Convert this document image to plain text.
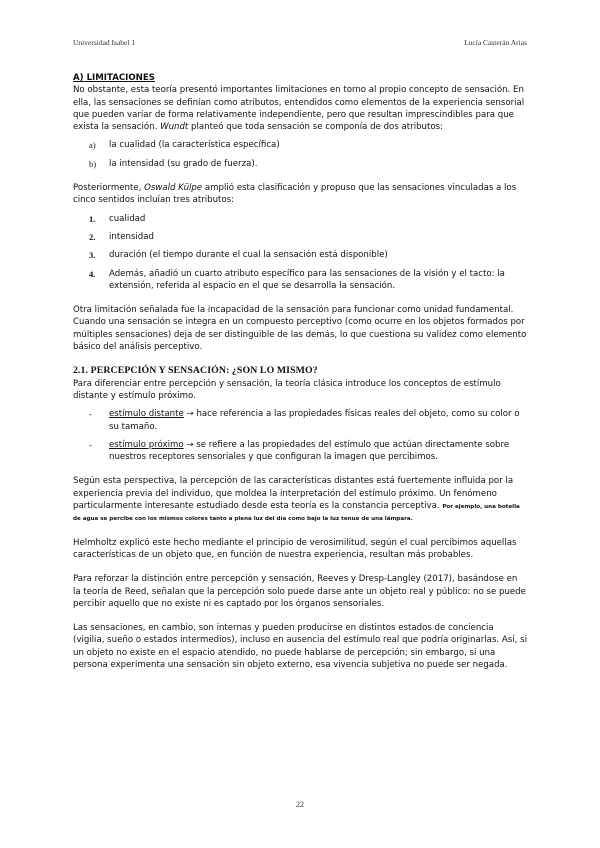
Universidad Isabel 1	Lucía Casterán Arias

A) LIMITACIONES

No obstante, esta teoría presentó importantes limitaciones en torno al propio concepto de sensación. En ella, las sensaciones se definían como atributos, entendidos como elementos de la experiencia sensorial que pueden variar de forma relativamente independiente, pero que resultan imprescindibles para que exista la sensación. Wundt planteó que toda sensación se componía de dos atributos:

a)	la cualidad (la característica específica)
b)	la intensidad (su grado de fuerza).

Posteriormente, Oswald Külpe amplió esta clasificación y propuso que las sensaciones vinculadas a los cinco sentidos incluían tres atributos:

1.	cualidad
2.	intensidad
3.	duración (el tiempo durante el cual la sensación está disponible)
4.	Además, añadió un cuarto atributo específico para las sensaciones de la visión y el tacto: la extensión, referida al espacio en el que se desarrolla la sensación.

Otra limitación señalada fue la incapacidad de la sensación para funcionar como unidad fundamental. Cuando una sensación se integra en un compuesto perceptivo (como ocurre en los objetos formados por múltiples sensaciones) deja de ser distinguible de las demás, lo que cuestiona su validez como elemento básico del análisis perceptivo.

2.1. PERCEPCIÓN Y SENSACIÓN: ¿SON LO MISMO?

Para diferenciar entre percepción y sensación, la teoría clásica introduce los conceptos de estímulo distante y estímulo próximo.

-	estímulo distante → hace referencia a las propiedades físicas reales del objeto, como su color o su tamaño.
-	estímulo próximo → se refiere a las propiedades del estímulo que actúan directamente sobre nuestros receptores sensoriales y que configuran la imagen que percibimos.

Según esta perspectiva, la percepción de las características distantes está fuertemente influida por la experiencia previa del individuo, que moldea la interpretación del estímulo próximo. Un fenómeno particularmente interesante estudiado desde esta teoría es la constancia perceptiva. Por ejemplo, una botella de agua se percibe con los mismos colores tanto a plena luz del día como bajo la luz tenue de una lámpara.

Helmholtz explicó este hecho mediante el principio de verosimilitud, según el cual percibimos aquellas características de un objeto que, en función de nuestra experiencia, resultan más probables.

Para reforzar la distinción entre percepción y sensación, Reeves y Dresp-Langley (2017), basándose en la teoría de Reed, señalan que la percepción solo puede darse ante un objeto real y público: no se puede percibir aquello que no existe ni es captado por los órganos sensoriales.

Las sensaciones, en cambio, son internas y pueden producirse en distintos estados de conciencia (vigilia, sueño o estados intermedios), incluso en ausencia del estímulo real que podría originarlas. Así, si un objeto no existe en el espacio atendido, no puede hablarse de percepción; sin embargo, si una persona experimenta una sensación sin objeto externo, esa vivencia subjetiva no puede ser negada.

22
